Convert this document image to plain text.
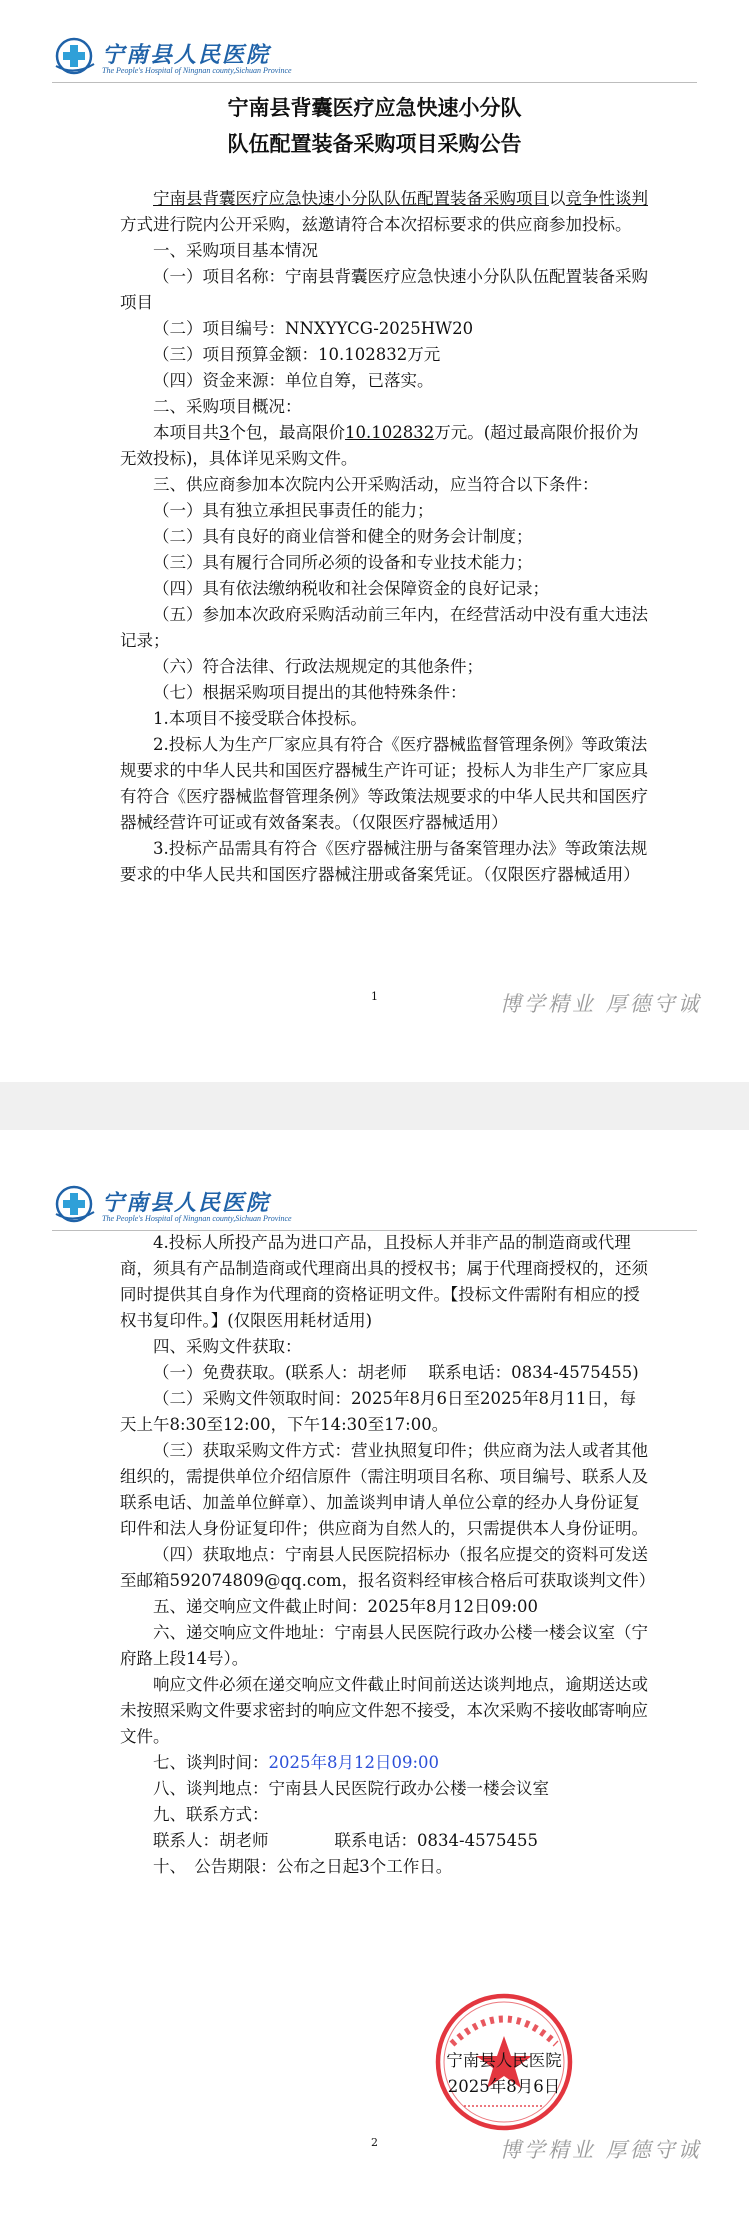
宁南县人民医院
The People's Hospital of Ningnan county,Sichuan Province
宁南县背囊医疗应急快速小分队
队伍配置装备采购项目采购公告

宁南县背囊医疗应急快速小分队队伍配置装备采购项目以竞争性谈判方式进行院内公开采购，兹邀请符合本次招标要求的供应商参加投标。

一、采购项目基本情况

（一）项目名称：宁南县背囊医疗应急快速小分队队伍配置装备采购项目

（二）项目编号：NNXYYCG-2025HW20

（三）项目预算金额：10.102832万元

（四）资金来源：单位自筹，已落实。

二、采购项目概况：

本项目共3个包，最高限价10.102832万元。(超过最高限价报价为无效投标)，具体详见采购文件。

三、供应商参加本次院内公开采购活动，应当符合以下条件：

（一）具有独立承担民事责任的能力；

（二）具有良好的商业信誉和健全的财务会计制度；

（三）具有履行合同所必须的设备和专业技术能力；

（四）具有依法缴纳税收和社会保障资金的良好记录；

（五）参加本次政府采购活动前三年内，在经营活动中没有重大违法记录；

（六）符合法律、行政法规规定的其他条件；

（七）根据采购项目提出的其他特殊条件：

1.本项目不接受联合体投标。

2.投标人为生产厂家应具有符合《医疗器械监督管理条例》等政策法规要求的中华人民共和国医疗器械生产许可证；投标人为非生产厂家应具有符合《医疗器械监督管理条例》等政策法规要求的中华人民共和国医疗器械经营许可证或有效备案表。（仅限医疗器械适用）

3.投标产品需具有符合《医疗器械注册与备案管理办法》等政策法规要求的中华人民共和国医疗器械注册或备案凭证。（仅限医疗器械适用）

1	博学精业 厚德守诚
宁南县人民医院
The People's Hospital of Ningnan county,Sichuan Province

4.投标人所投产品为进口产品，且投标人并非产品的制造商或代理商，须具有产品制造商或代理商出具的授权书；属于代理商授权的，还须同时提供其自身作为代理商的资格证明文件。【投标文件需附有相应的授权书复印件。】(仅限医用耗材适用)

四、采购文件获取：

（一）免费获取。(联系人：胡老师　 联系电话：0834-4575455)

（二）采购文件领取时间：2025年8月6日至2025年8月11日，每天上午8:30至12:00，下午14:30至17:00。

（三）获取采购文件方式：营业执照复印件；供应商为法人或者其他组织的，需提供单位介绍信原件（需注明项目名称、项目编号、联系人及联系电话、加盖单位鲜章）、加盖谈判申请人单位公章的经办人身份证复印件和法人身份证复印件；供应商为自然人的，只需提供本人身份证明。

（四）获取地点：宁南县人民医院招标办（报名应提交的资料可发送至邮箱592074809@qq.com，报名资料经审核合格后可获取谈判文件）

五、递交响应文件截止时间：2025年8月12日09:00

六、递交响应文件地址：宁南县人民医院行政办公楼一楼会议室（宁府路上段14号）。

响应文件必须在递交响应文件截止时间前送达谈判地点，逾期送达或未按照采购文件要求密封的响应文件恕不接受，本次采购不接收邮寄响应文件。

七、谈判时间：2025年8月12日09:00

八、谈判地点：宁南县人民医院行政办公楼一楼会议室

九、联系方式：

联系人：胡老师　　　　联系电话：0834-4575455

十、　公告期限：公布之日起3个工作日。

宁南县人民医院
2025年8月6日
2	博学精业 厚德守诚
